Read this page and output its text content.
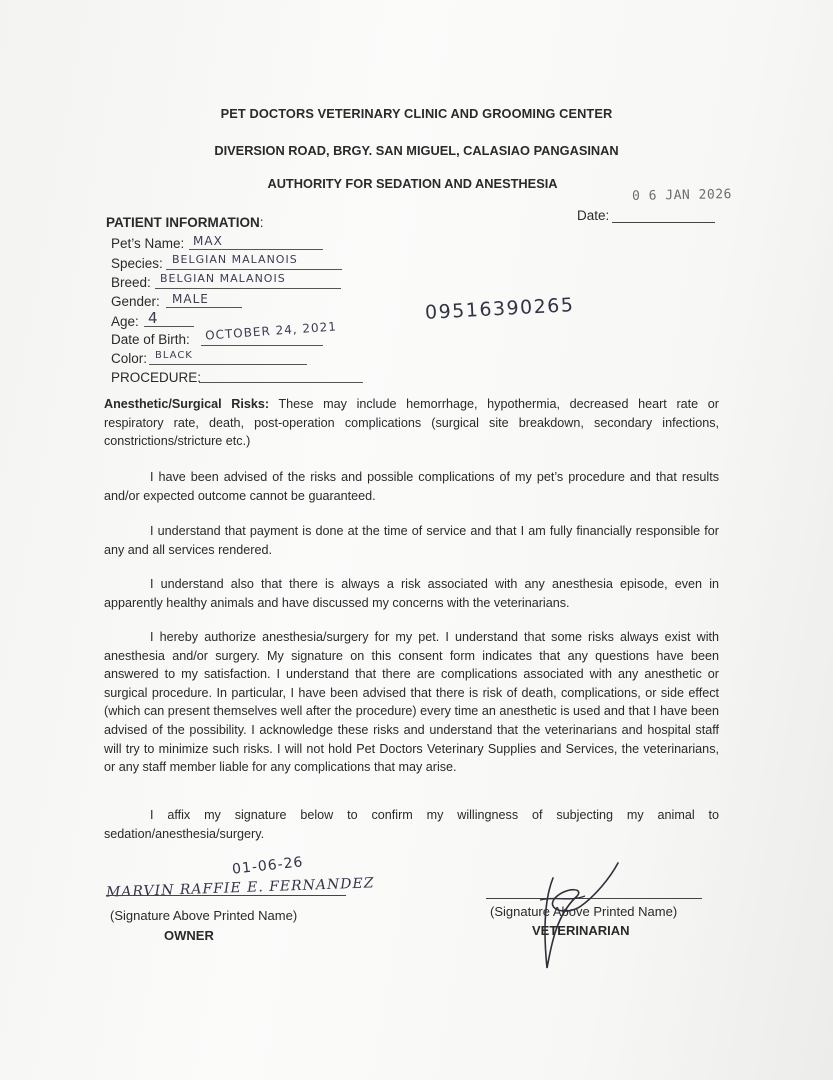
PET DOCTORS VETERINARY CLINIC AND GROOMING CENTER
DIVERSION ROAD, BRGY. SAN MIGUEL, CALASIAO PANGASINAN
AUTHORITY FOR SEDATION AND ANESTHESIA
0 6 JAN 2026
Date:
PATIENT INFORMATION:
Pet’s Name: MAX
Species: BELGIAN MALANOIS
Breed: BELGIAN MALANOIS
Gender: MALE
Age: 4
Date of Birth: OCTOBER 24, 2021
Color: BLACK
PROCEDURE:
09516390265
Anesthetic/Surgical Risks: These may include hemorrhage, hypothermia, decreased heart rate or respiratory rate, death, post-operation complications (surgical site breakdown, secondary infections, constrictions/stricture etc.)
I have been advised of the risks and possible complications of my pet’s procedure and that results and/or expected outcome cannot be guaranteed.
I understand that payment is done at the time of service and that I am fully financially responsible for any and all services rendered.
I understand also that there is always a risk associated with any anesthesia episode, even in apparently healthy animals and have discussed my concerns with the veterinarians.
I hereby authorize anesthesia/surgery for my pet. I understand that some risks always exist with anesthesia and/or surgery. My signature on this consent form indicates that any questions have been answered to my satisfaction. I understand that there are complications associated with any anesthetic or surgical procedure. In particular, I have been advised that there is risk of death, complications, or side effect (which can present themselves well after the procedure) every time an anesthetic is used and that I have been advised of the possibility. I acknowledge these risks and understand that the veterinarians and hospital staff will try to minimize such risks. I will not hold Pet Doctors Veterinary Supplies and Services, the veterinarians, or any staff member liable for any complications that may arise.
I affix my signature below to confirm my willingness of subjecting my animal to sedation/anesthesia/surgery.
01-06-26
MARVIN RAFFIE E. FERNANDEZ
(Signature Above Printed Name)
OWNER
(Signature Above Printed Name)
VETERINARIAN
